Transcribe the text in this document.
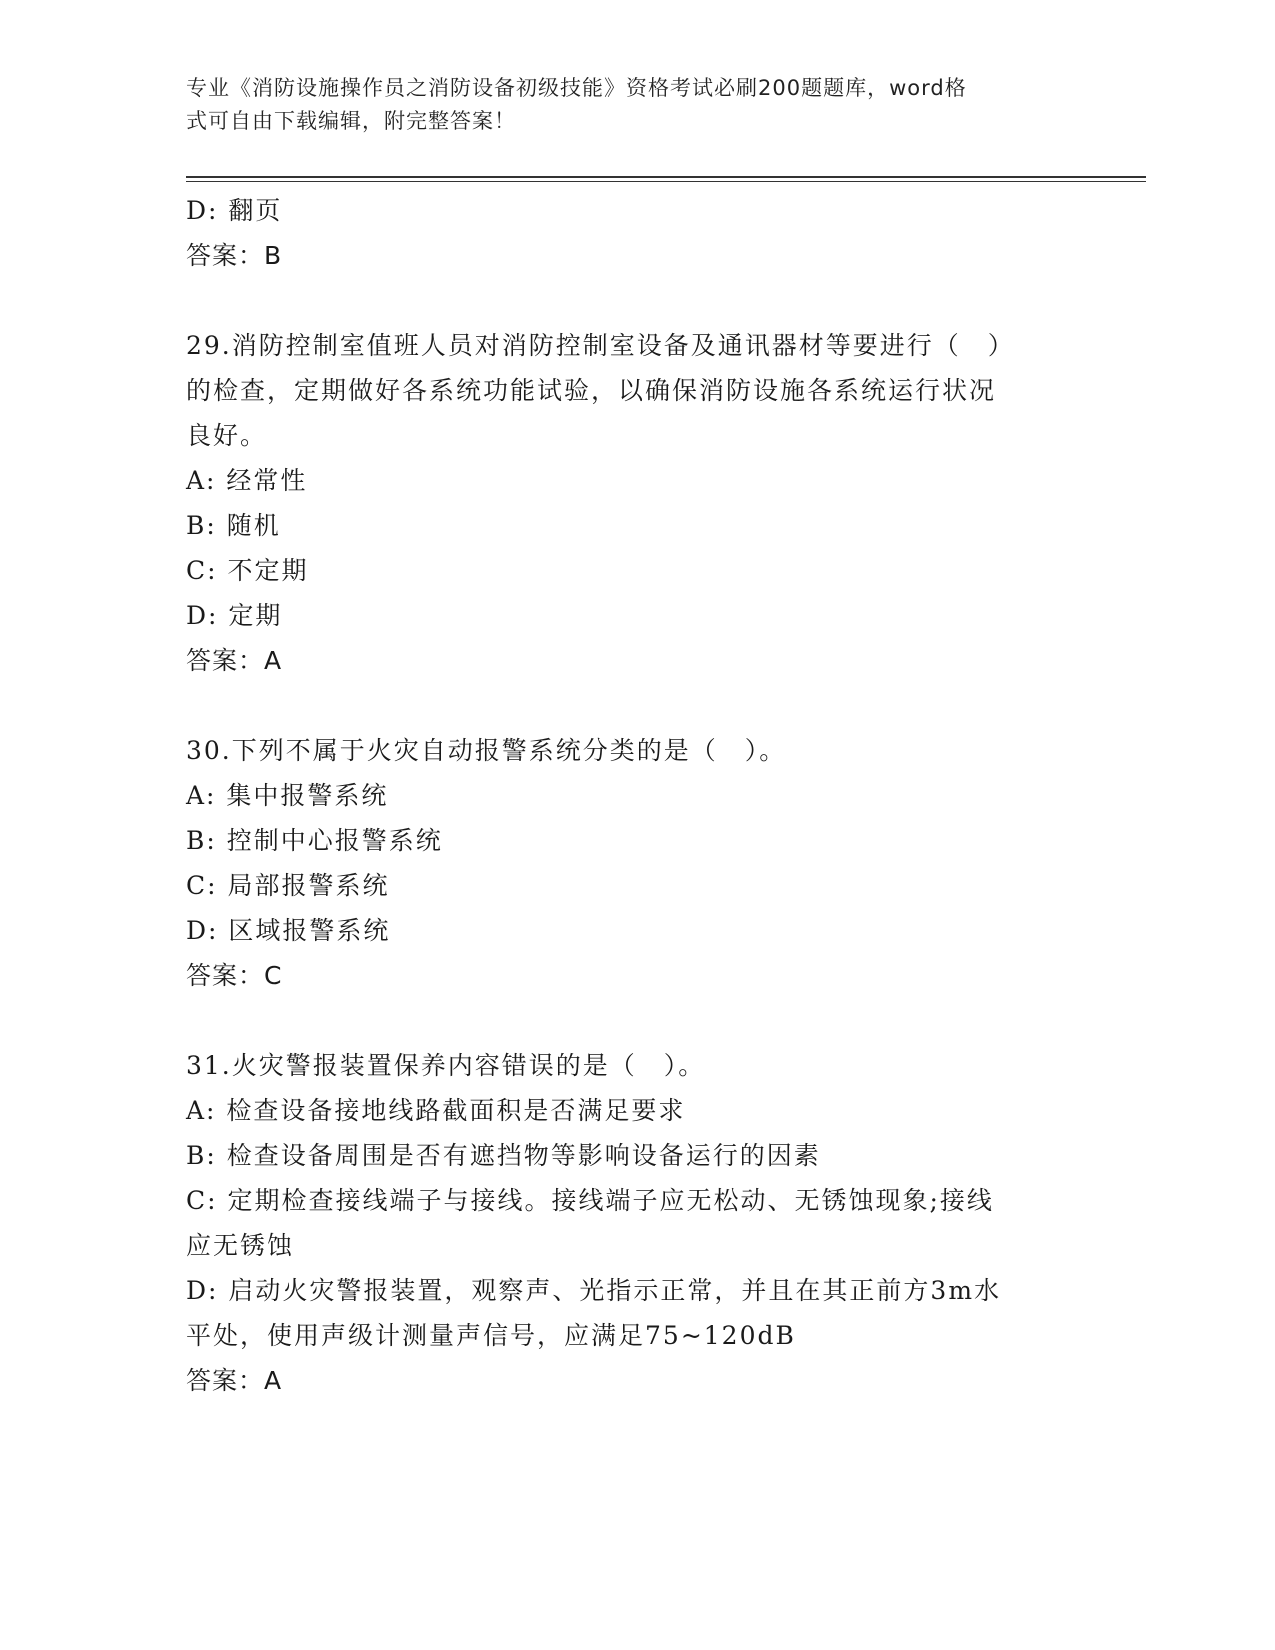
专业《消防设施操作员之消防设备初级技能》资格考试必刷200题题库，word格
式可自由下载编辑，附完整答案！
D: 翻页
答案：B
29.消防控制室值班人员对消防控制室设备及通讯器材等要进行（　）
的检查，定期做好各系统功能试验，以确保消防设施各系统运行状况
良好。
A: 经常性
B: 随机
C: 不定期
D: 定期
答案：A
30.下列不属于火灾自动报警系统分类的是（　）。
A: 集中报警系统
B: 控制中心报警系统
C: 局部报警系统
D: 区域报警系统
答案：C
31.火灾警报装置保养内容错误的是（　）。
A: 检查设备接地线路截面积是否满足要求
B: 检查设备周围是否有遮挡物等影响设备运行的因素
C: 定期检查接线端子与接线。接线端子应无松动、无锈蚀现象;接线
应无锈蚀
D: 启动火灾警报装置，观察声、光指示正常，并且在其正前方3m水
平处，使用声级计测量声信号，应满足75~120dB
答案：A
